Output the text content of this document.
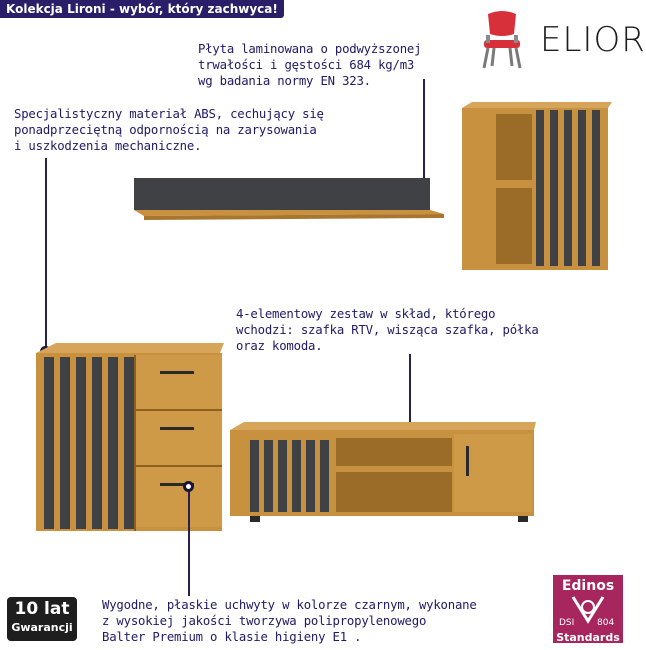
Kolekcja Lironi - wybór, który zachwyca!
ELIOR
Płyta laminowana o podwyższonej
trwałości i gęstości 684 kg/m3
wg badania normy EN 323.
Specjalistyczny materiał ABS, cechujący się
ponadprzeciętną odpornością na zarysowania
i uszkodzenia mechaniczne.
4-elementowy zestaw w skład, którego
wchodzi: szafka RTV, wisząca szafka, półka
oraz komoda.
Wygodne, płaskie uchwyty w kolorze czarnym, wykonane
z wysokiej jakości tworzywa polipropylenowego
Balter Premium o klasie higieny E1 .
10 lat
Gwarancji
Edinos
DSI	804
Standards
